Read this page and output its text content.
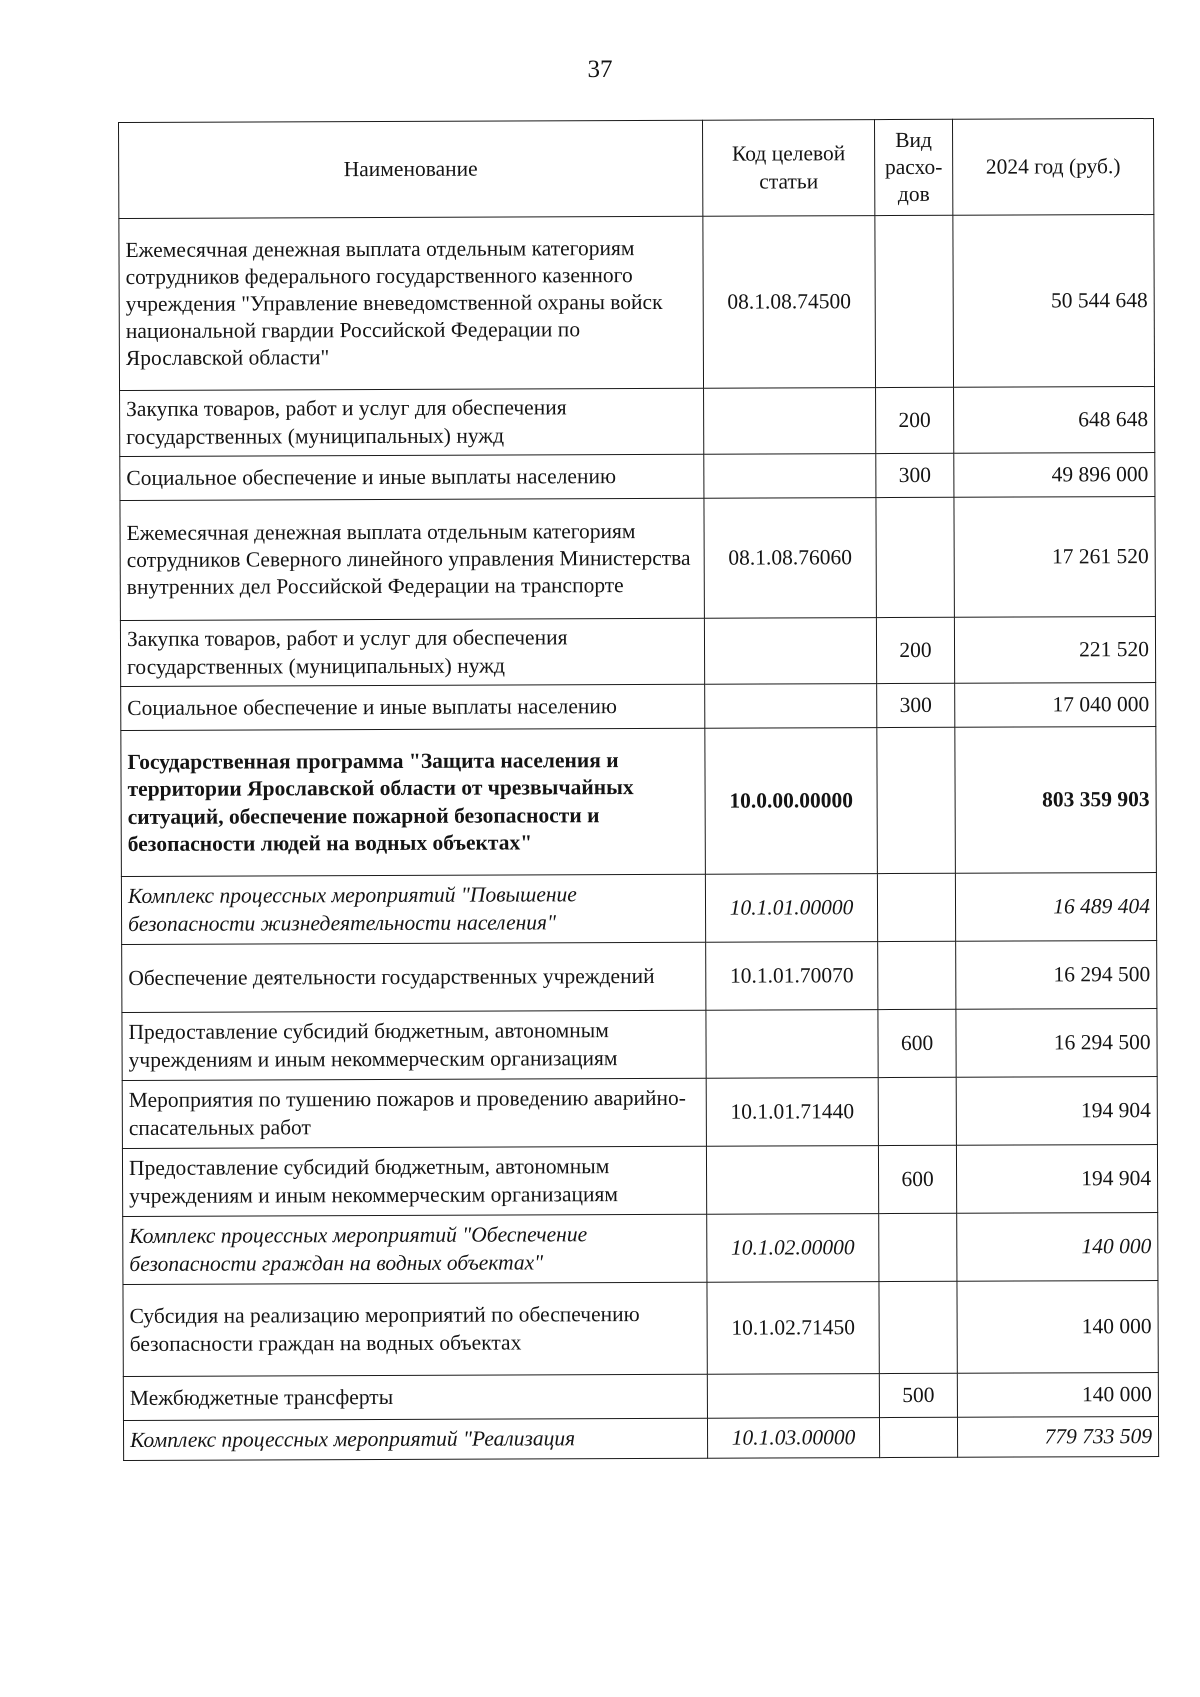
37
Наименование	Код целевой статьи	Вид расхо-дов	2024 год (руб.)
Ежемесячная денежная выплата отдельным категориям сотрудников федерального государственного казенного учреждения "Управление вневедомственной охраны войск национальной гвардии Российской Федерации по Ярославской области"	08.1.08.74500		50 544 648
Закупка товаров, работ и услуг для обеспечения государственных (муниципальных) нужд		200	648 648
Социальное обеспечение и иные выплаты населению		300	49 896 000
Ежемесячная денежная выплата отдельным категориям сотрудников Северного линейного управления Министерства внутренних дел Российской Федерации на транспорте	08.1.08.76060		17 261 520
Закупка товаров, работ и услуг для обеспечения государственных (муниципальных) нужд		200	221 520
Социальное обеспечение и иные выплаты населению		300	17 040 000
Государственная программа "Защита населения и территории Ярославской области от чрезвычайных ситуаций, обеспечение пожарной безопасности и безопасности людей на водных объектах"	10.0.00.00000		803 359 903
Комплекс процессных мероприятий "Повышение безопасности жизнедеятельности населения"	10.1.01.00000		16 489 404
Обеспечение деятельности государственных учреждений	10.1.01.70070		16 294 500
Предоставление субсидий бюджетным, автономным учреждениям и иным некоммерческим организациям		600	16 294 500
Мероприятия по тушению пожаров и проведению аварийно-спасательных работ	10.1.01.71440		194 904
Предоставление субсидий бюджетным, автономным учреждениям и иным некоммерческим организациям		600	194 904
Комплекс процессных мероприятий "Обеспечение безопасности граждан на водных объектах"	10.1.02.00000		140 000
Субсидия на реализацию мероприятий по обеспечению безопасности граждан на водных объектах	10.1.02.71450		140 000
Межбюджетные трансферты		500	140 000
Комплекс процессных мероприятий "Реализация	10.1.03.00000		779 733 509
